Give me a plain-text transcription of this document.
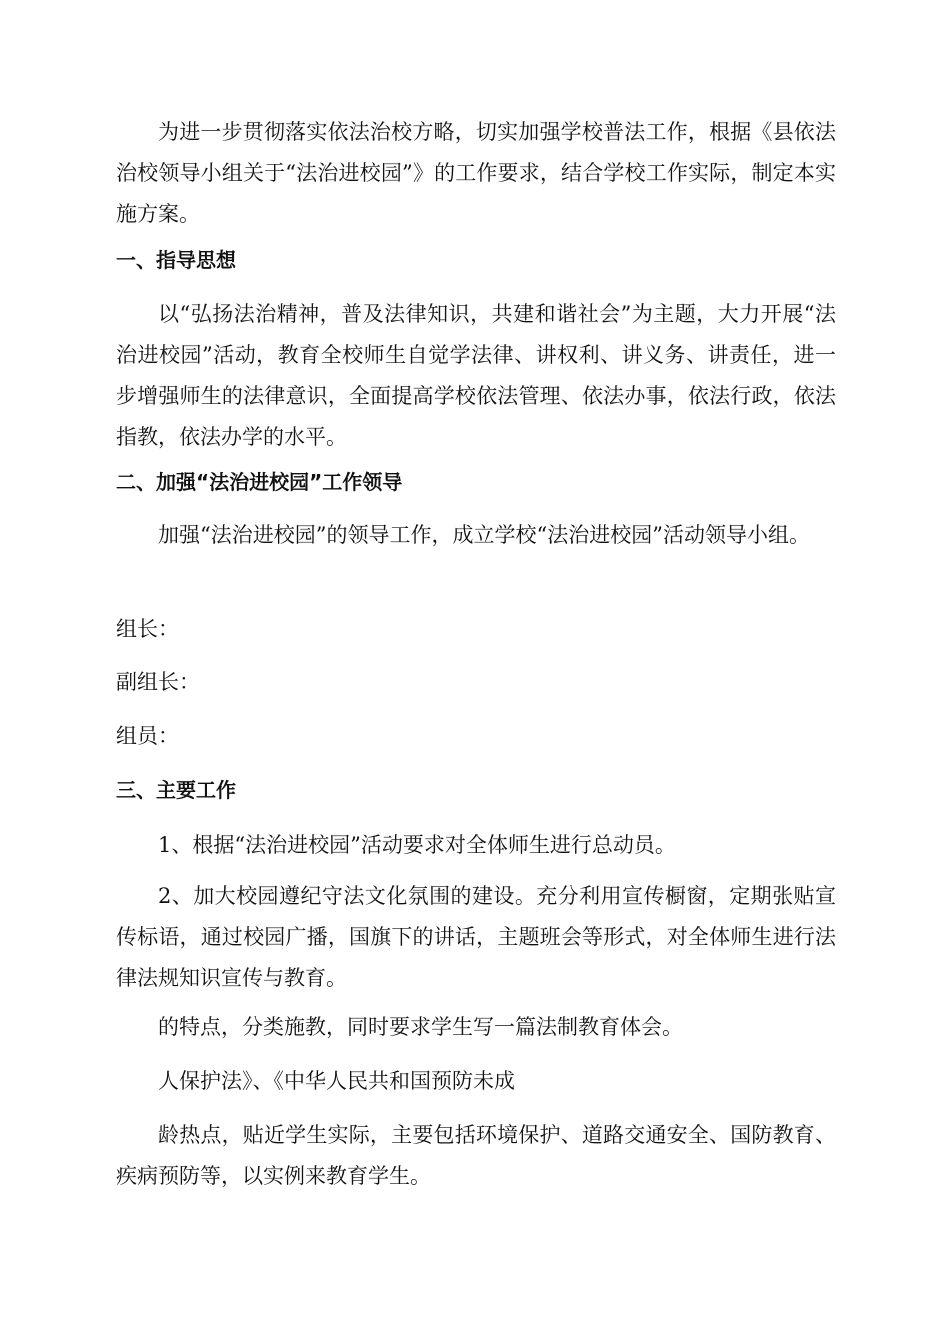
为进一步贯彻落实依法治校方略，切实加强学校普法工作，根据《县依法治校领导小组关于“法治进校园”》的工作要求，结合学校工作实际，制定本实施方案。

一、指导思想

以“弘扬法治精神，普及法律知识，共建和谐社会”为主题，大力开展“法治进校园”活动，教育全校师生自觉学法律、讲权利、讲义务、讲责任，进一步增强师生的法律意识，全面提高学校依法管理、依法办事，依法行政，依法指教，依法办学的水平。

二、加强“法治进校园”工作领导

加强“法治进校园”的领导工作，成立学校“法治进校园”活动领导小组。

组长：

副组长：

组员：

三、主要工作

1、根据“法治进校园”活动要求对全体师生进行总动员。

2、加大校园遵纪守法文化氛围的建设。充分利用宣传橱窗，定期张贴宣传标语，通过校园广播，国旗下的讲话，主题班会等形式，对全体师生进行法律法规知识宣传与教育。

的特点，分类施教，同时要求学生写一篇法制教育体会。

人保护法》、《中华人民共和国预防未成

龄热点，贴近学生实际，主要包括环境保护、道路交通安全、国防教育、疾病预防等，以实例来教育学生。
